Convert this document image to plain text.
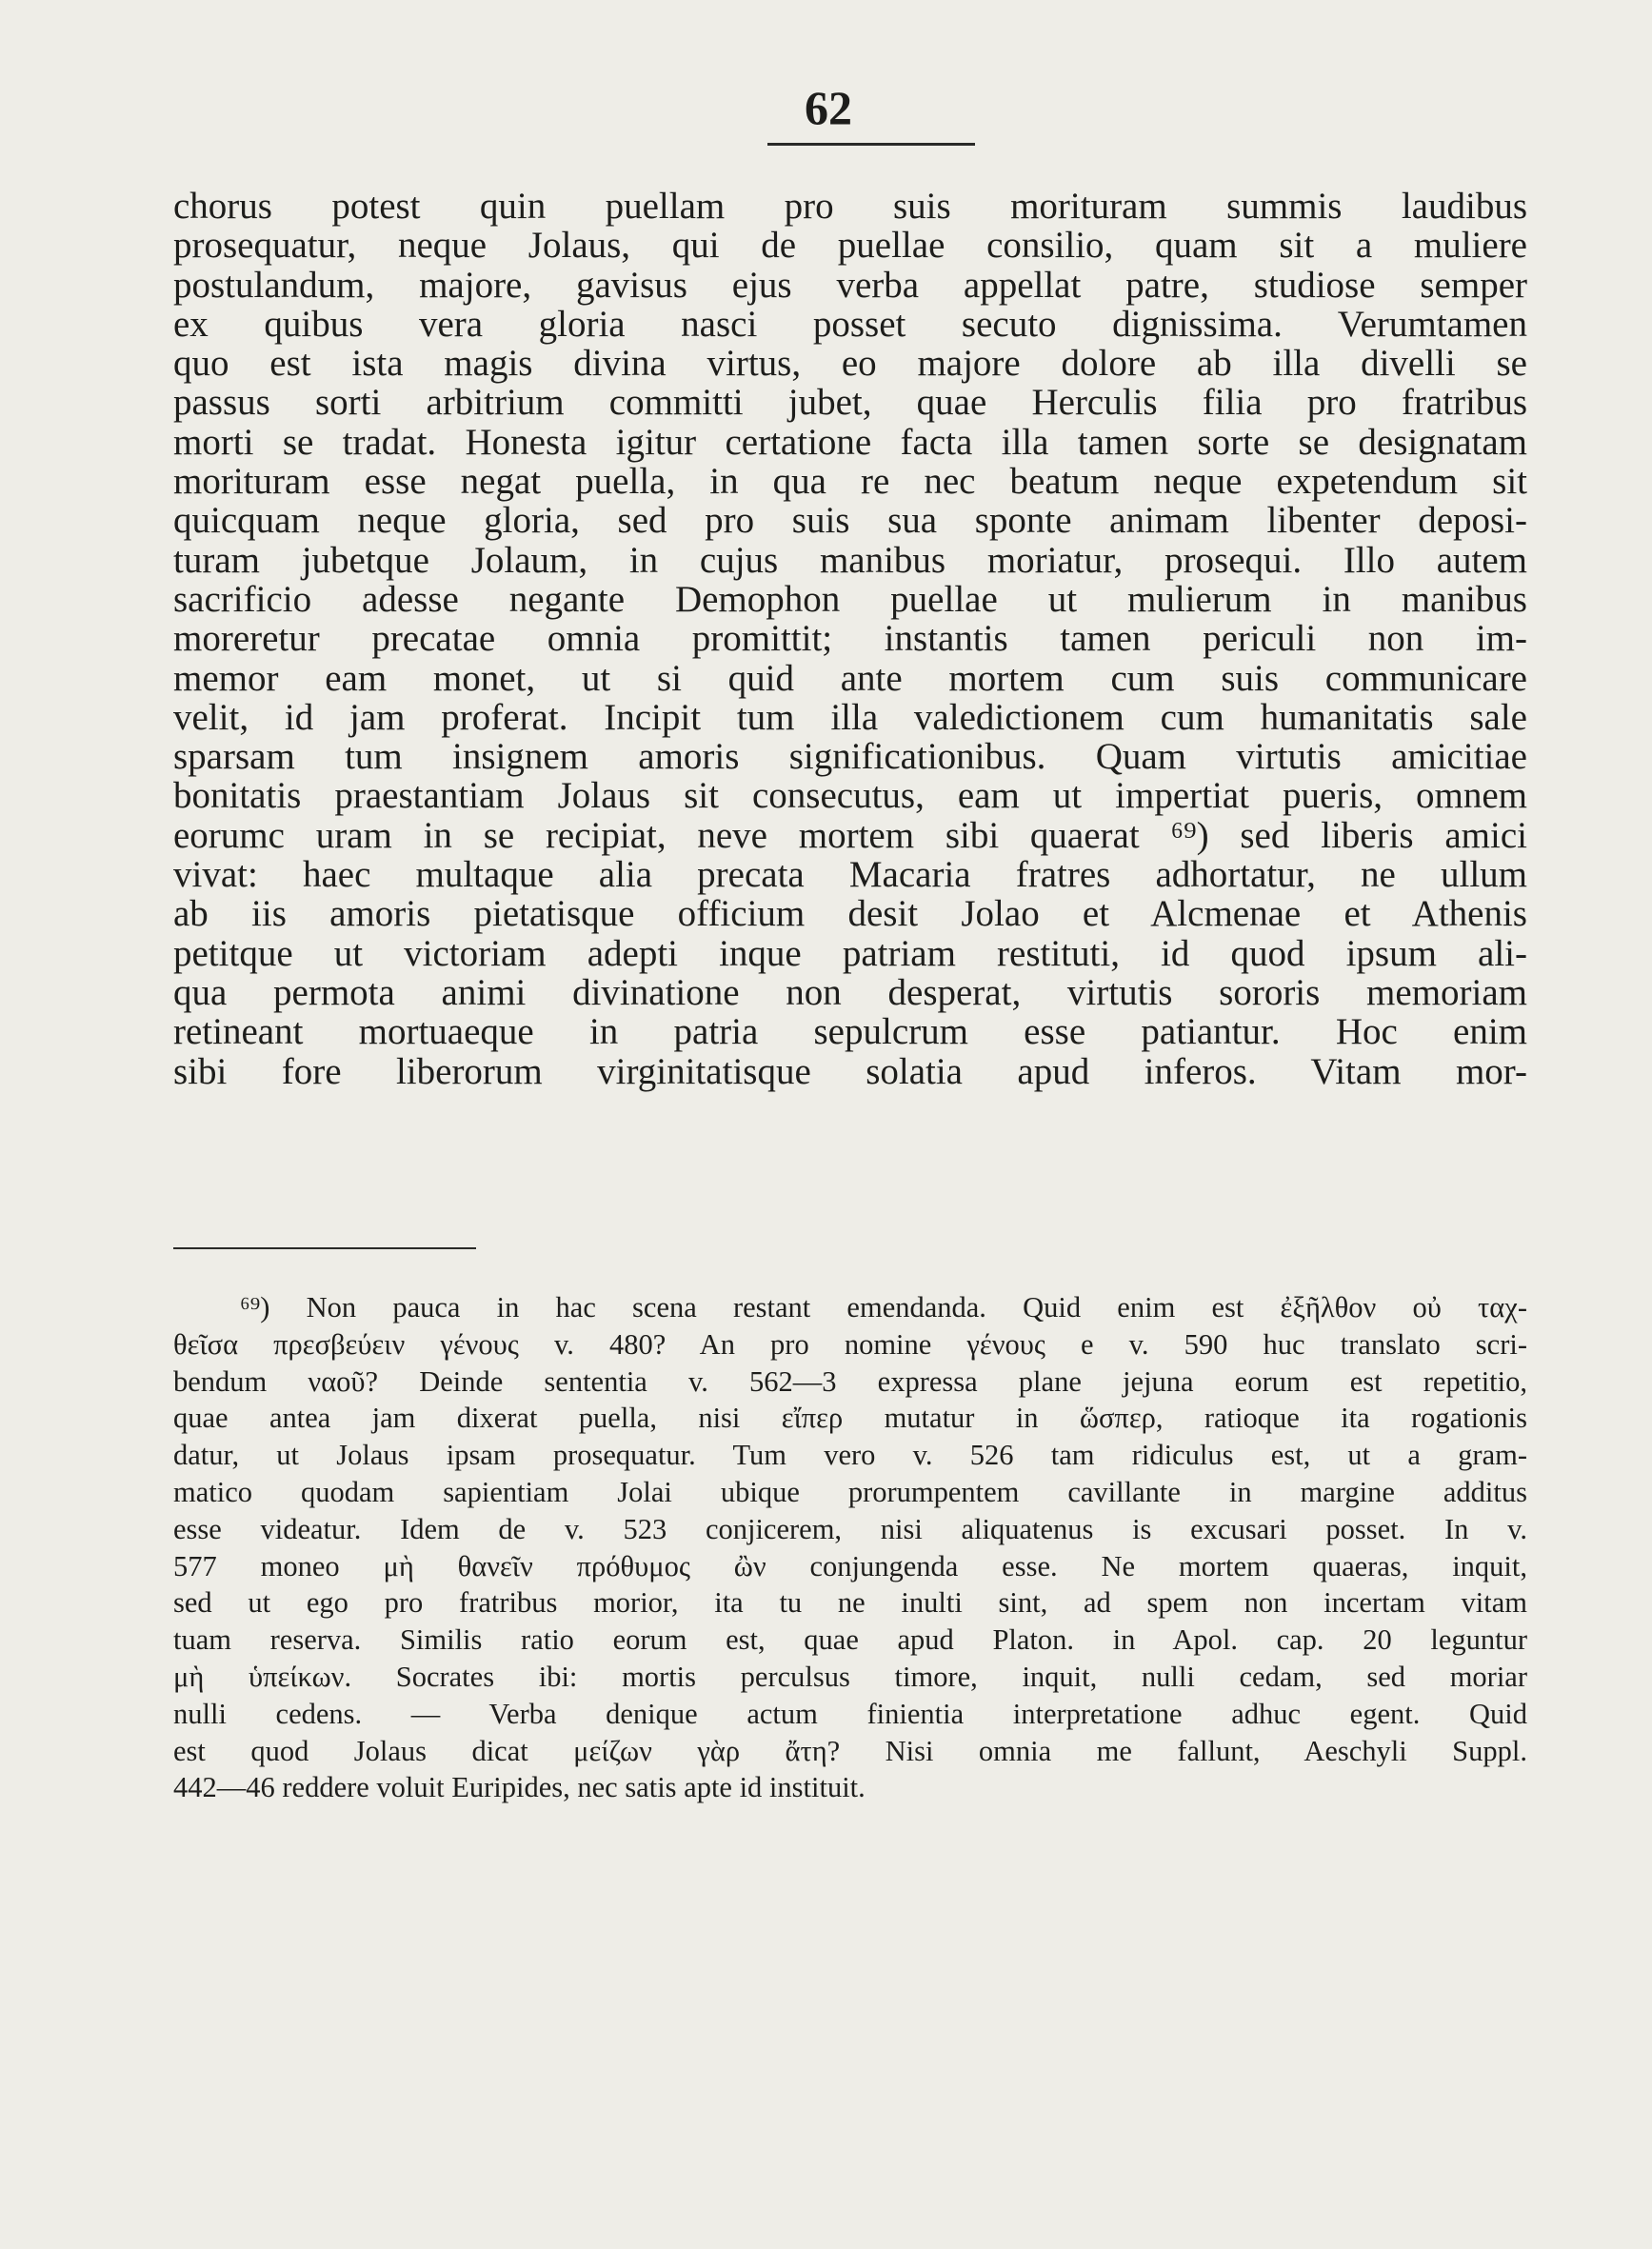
62
chorus potest quin puellam pro suis morituram summis laudibus
prosequatur, neque Jolaus, qui de puellae consilio, quam sit a muliere
postulandum, majore, gavisus ejus verba appellat patre, studiose semper
ex quibus vera gloria nasci posset secuto dignissima. Verumtamen
quo est ista magis divina virtus, eo majore dolore ab illa divelli se
passus sorti arbitrium committi jubet, quae Herculis filia pro fratribus
morti se tradat. Honesta igitur certatione facta illa tamen sorte se designatam
morituram esse negat puella, in qua re nec beatum neque expetendum sit
quicquam neque gloria, sed pro suis sua sponte animam libenter deposi-
turam jubetque Jolaum, in cujus manibus moriatur, prosequi. Illo autem
sacrificio adesse negante Demophon puellae ut mulierum in manibus
moreretur precatae omnia promittit; instantis tamen periculi non im-
memor eam monet, ut si quid ante mortem cum suis communicare
velit, id jam proferat. Incipit tum illa valedictionem cum humanitatis sale
sparsam tum insignem amoris significationibus. Quam virtutis amicitiae
bonitatis praestantiam Jolaus sit consecutus, eam ut impertiat pueris, omnem
eorumc uram in se recipiat, neve mortem sibi quaerat ⁶⁹) sed liberis amici
vivat: haec multaque alia precata Macaria fratres adhortatur, ne ullum
ab iis amoris pietatisque officium desit Jolao et Alcmenae et Athenis
petitque ut victoriam adepti inque patriam restituti, id quod ipsum ali-
qua permota animi divinatione non desperat, virtutis sororis memoriam
retineant mortuaeque in patria sepulcrum esse patiantur. Hoc enim
sibi fore liberorum virginitatisque solatia apud inferos. Vitam mor-
⁶⁹) Non pauca in hac scena restant emendanda. Quid enim est ἐξῆλθον οὐ ταχ-
θεῖσα πρεσβεύειν γένους v. 480? An pro nomine γένους e v. 590 huc translato scri-
bendum ναοῦ? Deinde sententia v. 562—3 expressa plane jejuna eorum est repetitio,
quae antea jam dixerat puella, nisi εἴπερ mutatur in ὥσπερ, ratioque ita rogationis
datur, ut Jolaus ipsam prosequatur. Tum vero v. 526 tam ridiculus est, ut a gram-
matico quodam sapientiam Jolai ubique prorumpentem cavillante in margine additus
esse videatur. Idem de v. 523 conjicerem, nisi aliquatenus is excusari posset. In v.
577 moneo μὴ θανεῖν πρόθυμος ὢν conjungenda esse. Ne mortem quaeras, inquit,
sed ut ego pro fratribus morior, ita tu ne inulti sint, ad spem non incertam vitam
tuam reserva. Similis ratio eorum est, quae apud Platon. in Apol. cap. 20 leguntur
μὴ ὑπείκων. Socrates ibi: mortis perculsus timore, inquit, nulli cedam, sed moriar
nulli cedens. — Verba denique actum finientia interpretatione adhuc egent. Quid
est quod Jolaus dicat μείζων γὰρ ἄτη? Nisi omnia me fallunt, Aeschyli Suppl.
442—46 reddere voluit Euripides, nec satis apte id instituit.
